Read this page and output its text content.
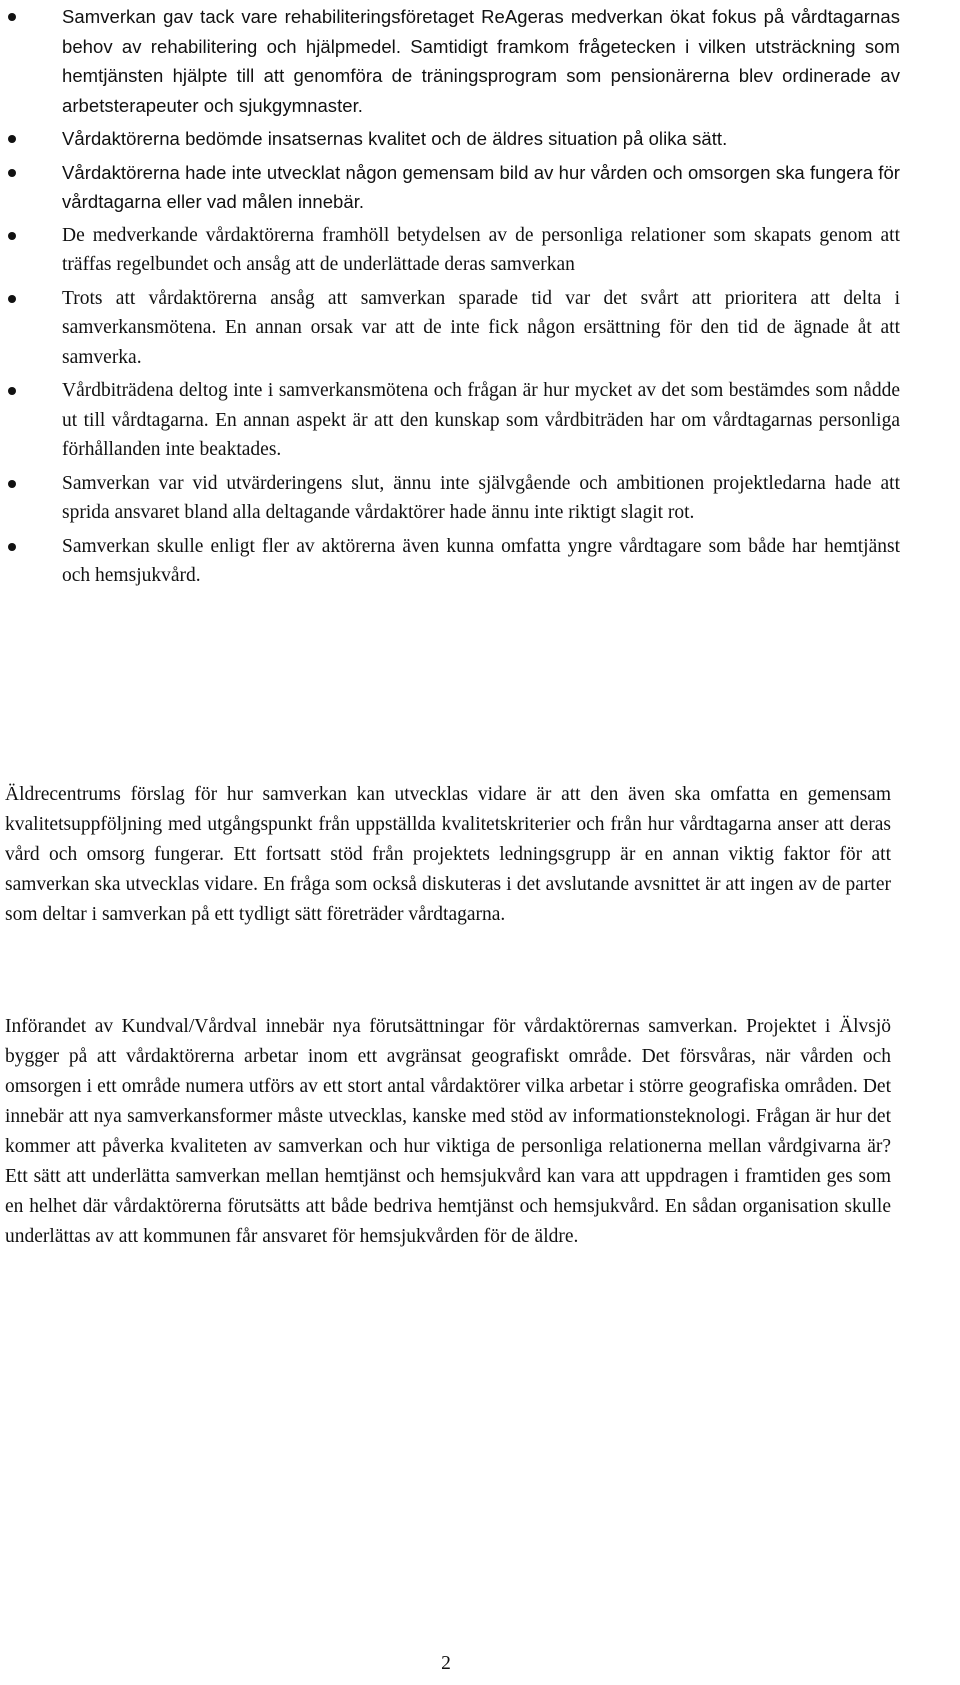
Samverkan gav tack vare rehabiliteringsföretaget ReAgeras medverkan ökat fokus på vårdtagarnas behov av rehabilitering och hjälpmedel. Samtidigt framkom frågetecken i vilken utsträckning som hemtjänsten hjälpte till att genomföra de träningsprogram som pensionärerna blev ordinerade av arbetsterapeuter och sjukgymnaster.
Vårdaktörerna bedömde insatsernas kvalitet och de äldres situation på olika sätt.
Vårdaktörerna hade inte utvecklat någon gemensam bild av hur vården och omsorgen ska fungera för vårdtagarna eller vad målen innebär.
De medverkande vårdaktörerna framhöll betydelsen av de personliga relationer som skapats genom att träffas regelbundet och ansåg att de underlättade deras samverkan
Trots att vårdaktörerna ansåg att samverkan sparade tid var det svårt att prioritera att delta i samverkansmötena. En annan orsak var att de inte fick någon ersättning för den tid de ägnade åt att samverka.
Vårdbiträdena deltog inte i samverkansmötena och frågan är hur mycket av det som bestämdes som nådde ut till vårdtagarna. En annan aspekt är att den kunskap som vårdbiträden har om vårdtagarnas personliga förhållanden inte beaktades.
Samverkan var vid utvärderingens slut, ännu inte självgående och ambitionen projektledarna hade att sprida ansvaret bland alla deltagande vårdaktörer hade ännu inte riktigt slagit rot.
Samverkan skulle enligt fler av aktörerna även kunna omfatta yngre vårdtagare som både har hemtjänst och hemsjukvård.

Äldrecentrums förslag för hur samverkan kan utvecklas vidare är att den även ska omfatta en gemensam kvalitetsuppföljning med utgångspunkt från uppställda kvalitetskriterier och från hur vårdtagarna anser att deras vård och omsorg fungerar. Ett fortsatt stöd från projektets ledningsgrupp är en annan viktig faktor för att samverkan ska utvecklas vidare. En fråga som också diskuteras i det avslutande avsnittet är att ingen av de parter som deltar i samverkan på ett tydligt sätt företräder vårdtagarna.

Införandet av Kundval/Vårdval innebär nya förutsättningar för vårdaktörernas samverkan. Projektet i Älvsjö bygger på att vårdaktörerna arbetar inom ett avgränsat geografiskt område. Det försvåras, när vården och omsorgen i ett område numera utförs av ett stort antal vårdaktörer vilka arbetar i större geografiska områden. Det innebär att nya samverkansformer måste utvecklas, kanske med stöd av informationsteknologi. Frågan är hur det kommer att påverka kvaliteten av samverkan och hur viktiga de personliga relationerna mellan vårdgivarna är? Ett sätt att underlätta samverkan mellan hemtjänst och hemsjukvård kan vara att uppdragen i framtiden ges som en helhet där vårdaktörerna förutsätts att både bedriva hemtjänst och hemsjukvård. En sådan organisation skulle underlättas av att kommunen får ansvaret för hemsjukvården för de äldre.

2
